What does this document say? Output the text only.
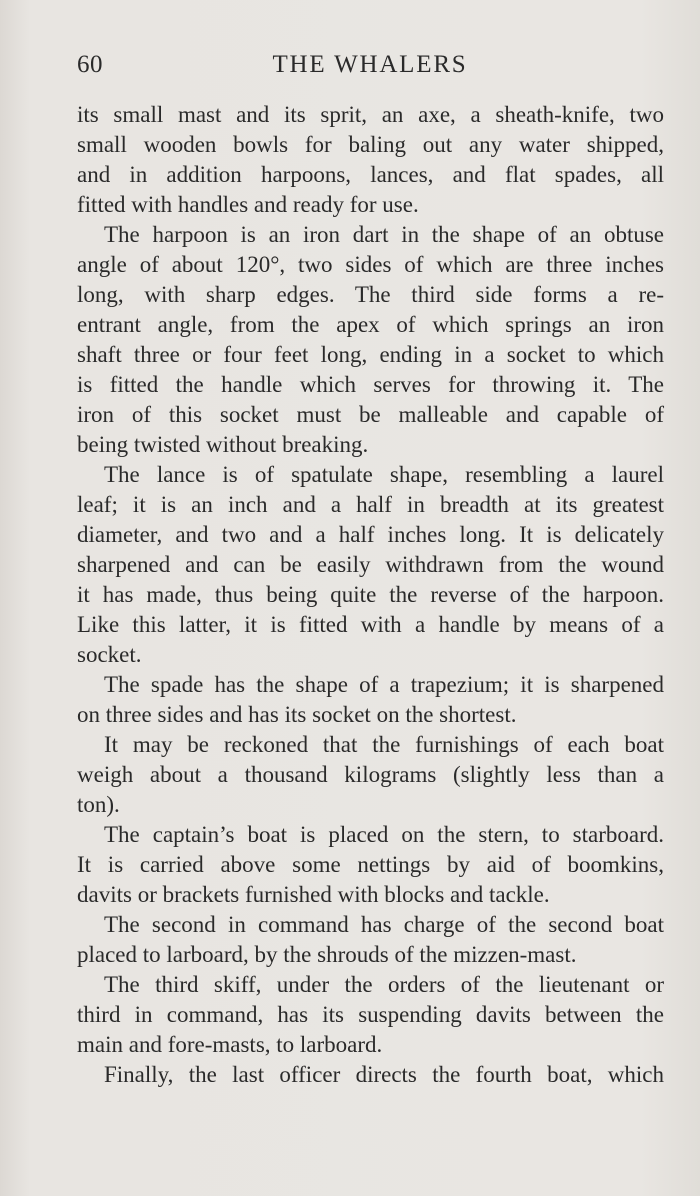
60	THE WHALERS
its small mast and its sprit, an axe, a sheath-knife, two
small wooden bowls for baling out any water shipped,
and in addition harpoons, lances, and flat spades, all
fitted with handles and ready for use.
The harpoon is an iron dart in the shape of an obtuse
angle of about 120°, two sides of which are three inches
long, with sharp edges. The third side forms a re-
entrant angle, from the apex of which springs an iron
shaft three or four feet long, ending in a socket to which
is fitted the handle which serves for throwing it. The
iron of this socket must be malleable and capable of
being twisted without breaking.
The lance is of spatulate shape, resembling a laurel
leaf; it is an inch and a half in breadth at its greatest
diameter, and two and a half inches long. It is delicately
sharpened and can be easily withdrawn from the wound
it has made, thus being quite the reverse of the harpoon.
Like this latter, it is fitted with a handle by means of a
socket.
The spade has the shape of a trapezium; it is sharpened
on three sides and has its socket on the shortest.
It may be reckoned that the furnishings of each boat
weigh about a thousand kilograms (slightly less than a
ton).
The captain’s boat is placed on the stern, to starboard.
It is carried above some nettings by aid of boomkins,
davits or brackets furnished with blocks and tackle.
The second in command has charge of the second boat
placed to larboard, by the shrouds of the mizzen-mast.
The third skiff, under the orders of the lieutenant or
third in command, has its suspending davits between the
main and fore-masts, to larboard.
Finally, the last officer directs the fourth boat, which
